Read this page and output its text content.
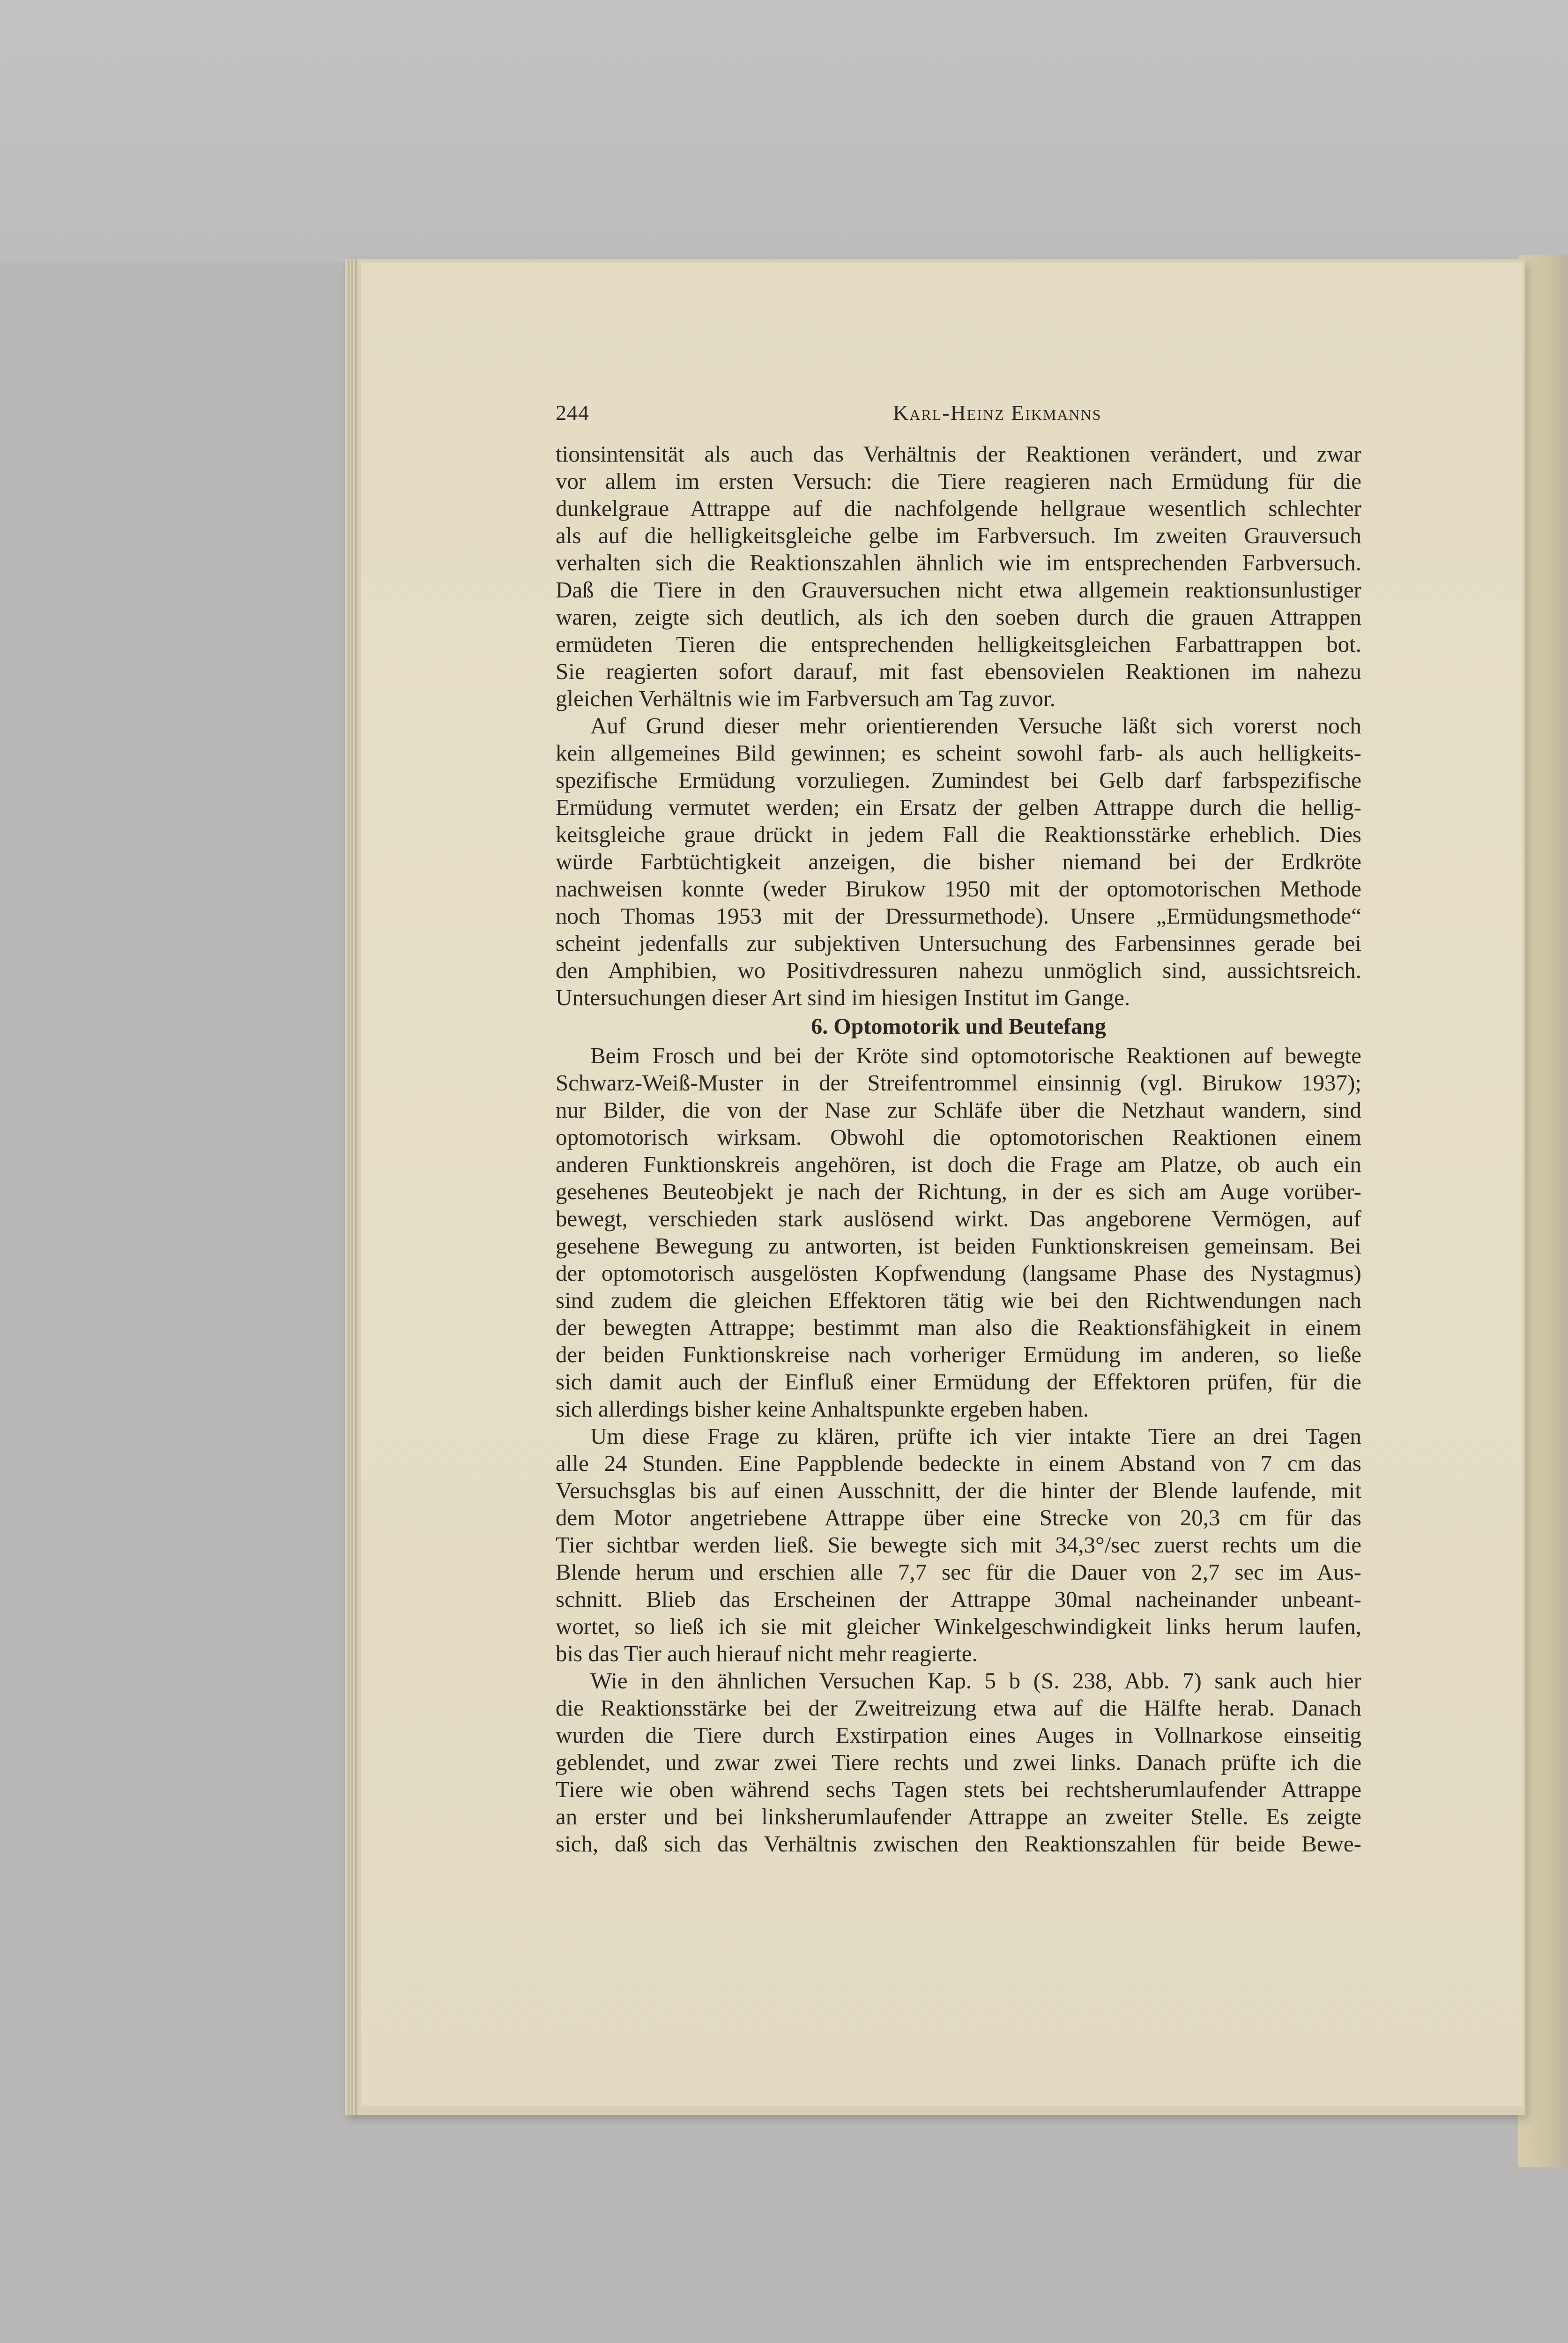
244	Karl-Heinz Eikmanns
tionsintensität als auch das Verhältnis der Reaktionen verändert, und zwar
vor allem im ersten Versuch: die Tiere reagieren nach Ermüdung für die
dunkelgraue Attrappe auf die nachfolgende hellgraue wesentlich schlechter
als auf die helligkeitsgleiche gelbe im Farbversuch. Im zweiten Grauversuch
verhalten sich die Reaktionszahlen ähnlich wie im entsprechenden Farbversuch.
Daß die Tiere in den Grauversuchen nicht etwa allgemein reaktionsunlustiger
waren, zeigte sich deutlich, als ich den soeben durch die grauen Attrappen
ermüdeten Tieren die entsprechenden helligkeitsgleichen Farbattrappen bot.
Sie reagierten sofort darauf, mit fast ebensovielen Reaktionen im nahezu
gleichen Verhältnis wie im Farbversuch am Tag zuvor.
Auf Grund dieser mehr orientierenden Versuche läßt sich vorerst noch
kein allgemeines Bild gewinnen; es scheint sowohl farb- als auch helligkeits-
spezifische Ermüdung vorzuliegen. Zumindest bei Gelb darf farbspezifische
Ermüdung vermutet werden; ein Ersatz der gelben Attrappe durch die hellig-
keitsgleiche graue drückt in jedem Fall die Reaktionsstärke erheblich. Dies
würde Farbtüchtigkeit anzeigen, die bisher niemand bei der Erdkröte
nachweisen konnte (weder Birukow 1950 mit der optomotorischen Methode
noch Thomas 1953 mit der Dressurmethode). Unsere „Ermüdungsmethode“
scheint jedenfalls zur subjektiven Untersuchung des Farbensinnes gerade bei
den Amphibien, wo Positivdressuren nahezu unmöglich sind, aussichtsreich.
Untersuchungen dieser Art sind im hiesigen Institut im Gange.
6. Optomotorik und Beutefang
Beim Frosch und bei der Kröte sind optomotorische Reaktionen auf bewegte
Schwarz-Weiß-Muster in der Streifentrommel einsinnig (vgl. Birukow 1937);
nur Bilder, die von der Nase zur Schläfe über die Netzhaut wandern, sind
optomotorisch wirksam. Obwohl die optomotorischen Reaktionen einem
anderen Funktionskreis angehören, ist doch die Frage am Platze, ob auch ein
gesehenes Beuteobjekt je nach der Richtung, in der es sich am Auge vorüber-
bewegt, verschieden stark auslösend wirkt. Das angeborene Vermögen, auf
gesehene Bewegung zu antworten, ist beiden Funktionskreisen gemeinsam. Bei
der optomotorisch ausgelösten Kopfwendung (langsame Phase des Nystagmus)
sind zudem die gleichen Effektoren tätig wie bei den Richtwendungen nach
der bewegten Attrappe; bestimmt man also die Reaktionsfähigkeit in einem
der beiden Funktionskreise nach vorheriger Ermüdung im anderen, so ließe
sich damit auch der Einfluß einer Ermüdung der Effektoren prüfen, für die
sich allerdings bisher keine Anhaltspunkte ergeben haben.
Um diese Frage zu klären, prüfte ich vier intakte Tiere an drei Tagen
alle 24 Stunden. Eine Pappblende bedeckte in einem Abstand von 7 cm das
Versuchsglas bis auf einen Ausschnitt, der die hinter der Blende laufende, mit
dem Motor angetriebene Attrappe über eine Strecke von 20,3 cm für das
Tier sichtbar werden ließ. Sie bewegte sich mit 34,3°/sec zuerst rechts um die
Blende herum und erschien alle 7,7 sec für die Dauer von 2,7 sec im Aus-
schnitt. Blieb das Erscheinen der Attrappe 30mal nacheinander unbeant-
wortet, so ließ ich sie mit gleicher Winkelgeschwindigkeit links herum laufen,
bis das Tier auch hierauf nicht mehr reagierte.
Wie in den ähnlichen Versuchen Kap. 5 b (S. 238, Abb. 7) sank auch hier
die Reaktionsstärke bei der Zweitreizung etwa auf die Hälfte herab. Danach
wurden die Tiere durch Exstirpation eines Auges in Vollnarkose einseitig
geblendet, und zwar zwei Tiere rechts und zwei links. Danach prüfte ich die
Tiere wie oben während sechs Tagen stets bei rechtsherumlaufender Attrappe
an erster und bei linksherumlaufender Attrappe an zweiter Stelle. Es zeigte
sich, daß sich das Verhältnis zwischen den Reaktionszahlen für beide Bewe-
